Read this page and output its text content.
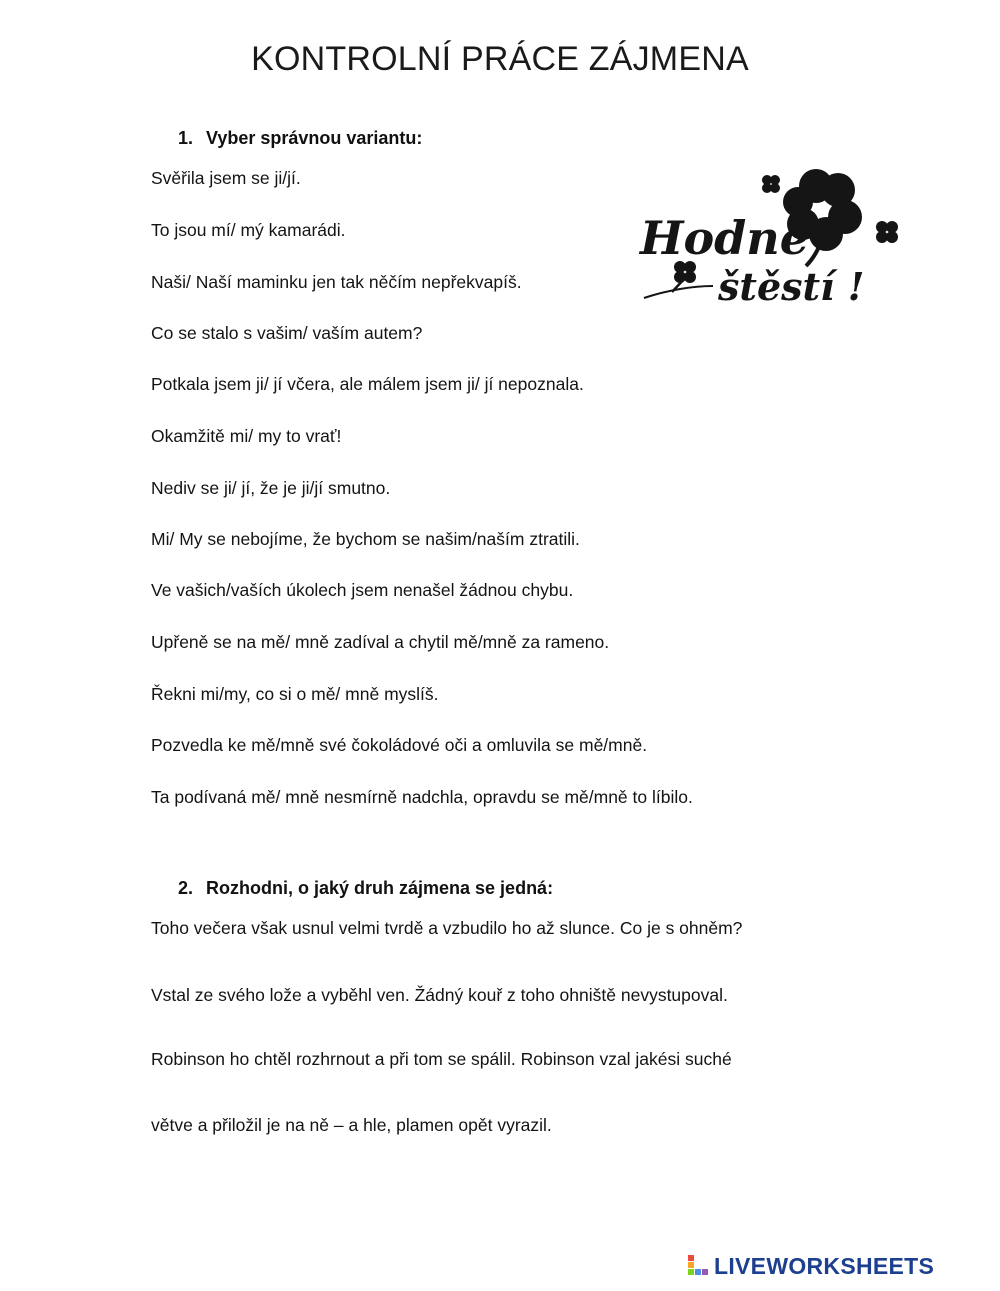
KONTROLNÍ PRÁCE ZÁJMENA
1. Vyber správnou variantu:
Svěřila jsem se ji/jí.
To jsou mí/ mý kamarádi.
Naši/ Naší maminku jen tak něčím nepřekvapíš.
Co se stalo s vašim/ vaším autem?
Potkala jsem ji/ jí včera, ale málem jsem ji/ jí nepoznala.
Okamžitě mi/ my to vrať!
Nediv se ji/ jí, že je ji/jí smutno.
Mi/ My se nebojíme, že bychom se našim/naším ztratili.
Ve vašich/vaších úkolech jsem nenašel žádnou chybu.
Upřeně se na mě/ mně zadíval a chytil mě/mně za rameno.
Řekni mi/my, co si o mě/ mně myslíš.
Pozvedla ke mě/mně své čokoládové oči a omluvila se mě/mně.
Ta podívaná mě/ mně nesmírně nadchla, opravdu se mě/mně to líbilo.
2. Rozhodni, o jaký druh zájmena se jedná:
Toho večera však usnul velmi tvrdě a vzbudilo ho až slunce. Co je s ohněm?
Vstal ze svého lože a vyběhl ven. Žádný kouř z toho ohniště nevystupoval.
Robinson ho chtěl rozhrnout a při tom se spálil. Robinson vzal jakési suché
větve a přiložil je na ně – a hle, plamen opět vyrazil.
Hodně
štěstí !
LIVEWORKSHEETS
